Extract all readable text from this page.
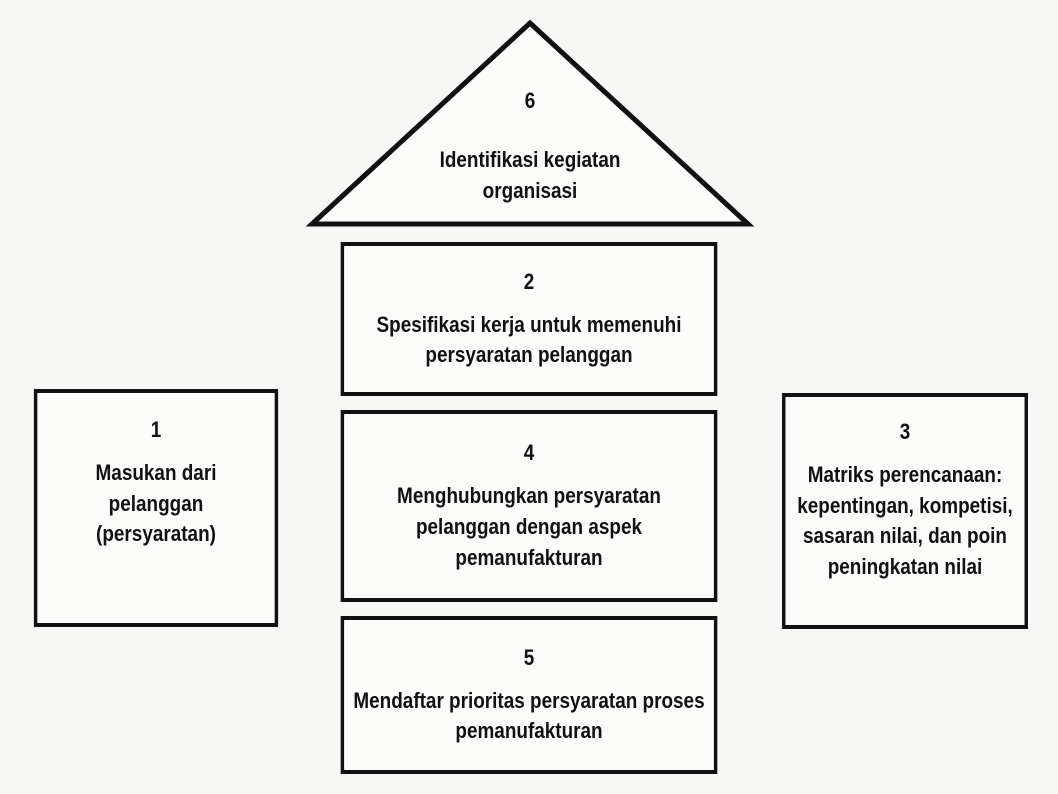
6
Identifikasi kegiatan
organisasi
1
Masukan dari
pelanggan
(persyaratan)
2
Spesifikasi kerja untuk memenuhi
persyaratan pelanggan
3
Matriks perencanaan:
kepentingan, kompetisi,
sasaran nilai, dan poin
peningkatan nilai
4
Menghubungkan persyaratan
pelanggan dengan aspek
pemanufakturan
5
Mendaftar prioritas persyaratan proses
pemanufakturan
